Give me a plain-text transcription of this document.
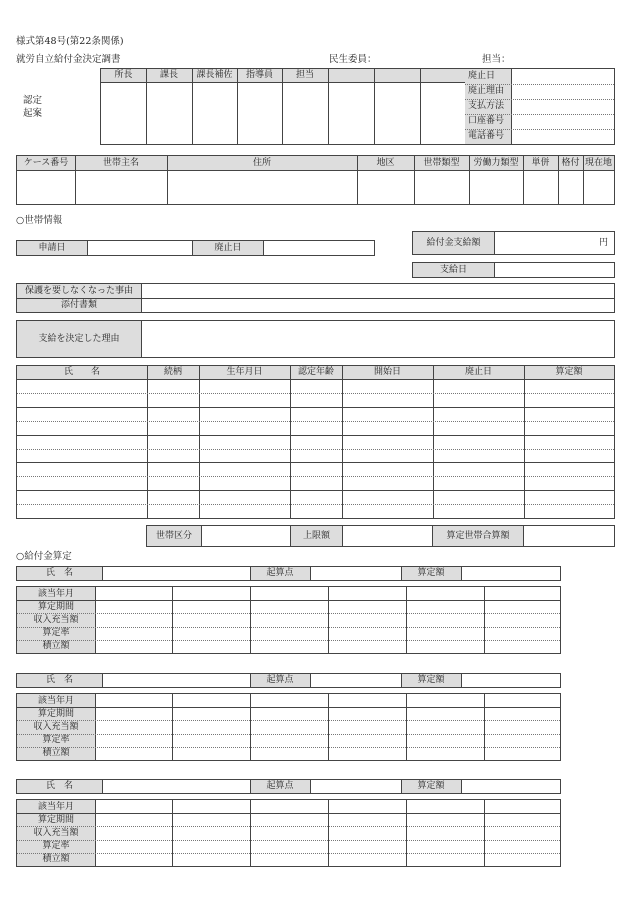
様式第48号(第22条関係)
就労自立給付金決定調書	民生委員：	担当：
認定
起案
所長	課長	課長補佐	指導員	担当	廃止日
廃止理由
支払方法
口座番号
電話番号
ケース番号	世帯主名	住所	地区	世帯類型	労働力類型	単併	格付 現在地
○世帯情報
申請日	廃止日	給付金支給額	円
支給日
保護を要しなくなった事由
添付書類
支給を決定した理由
氏　　名	続柄	生年月日	認定年齢	開始日	廃止日	算定額
世帯区分	上限額	算定世帯合算額
○給付金算定
氏　名	起算点	算定額
該当年月
算定期間
収入充当額
算定率
積立額
氏　名	起算点	算定額
該当年月
算定期間
収入充当額
算定率
積立額
氏　名	起算点	算定額
該当年月
算定期間
収入充当額
算定率
積立額
